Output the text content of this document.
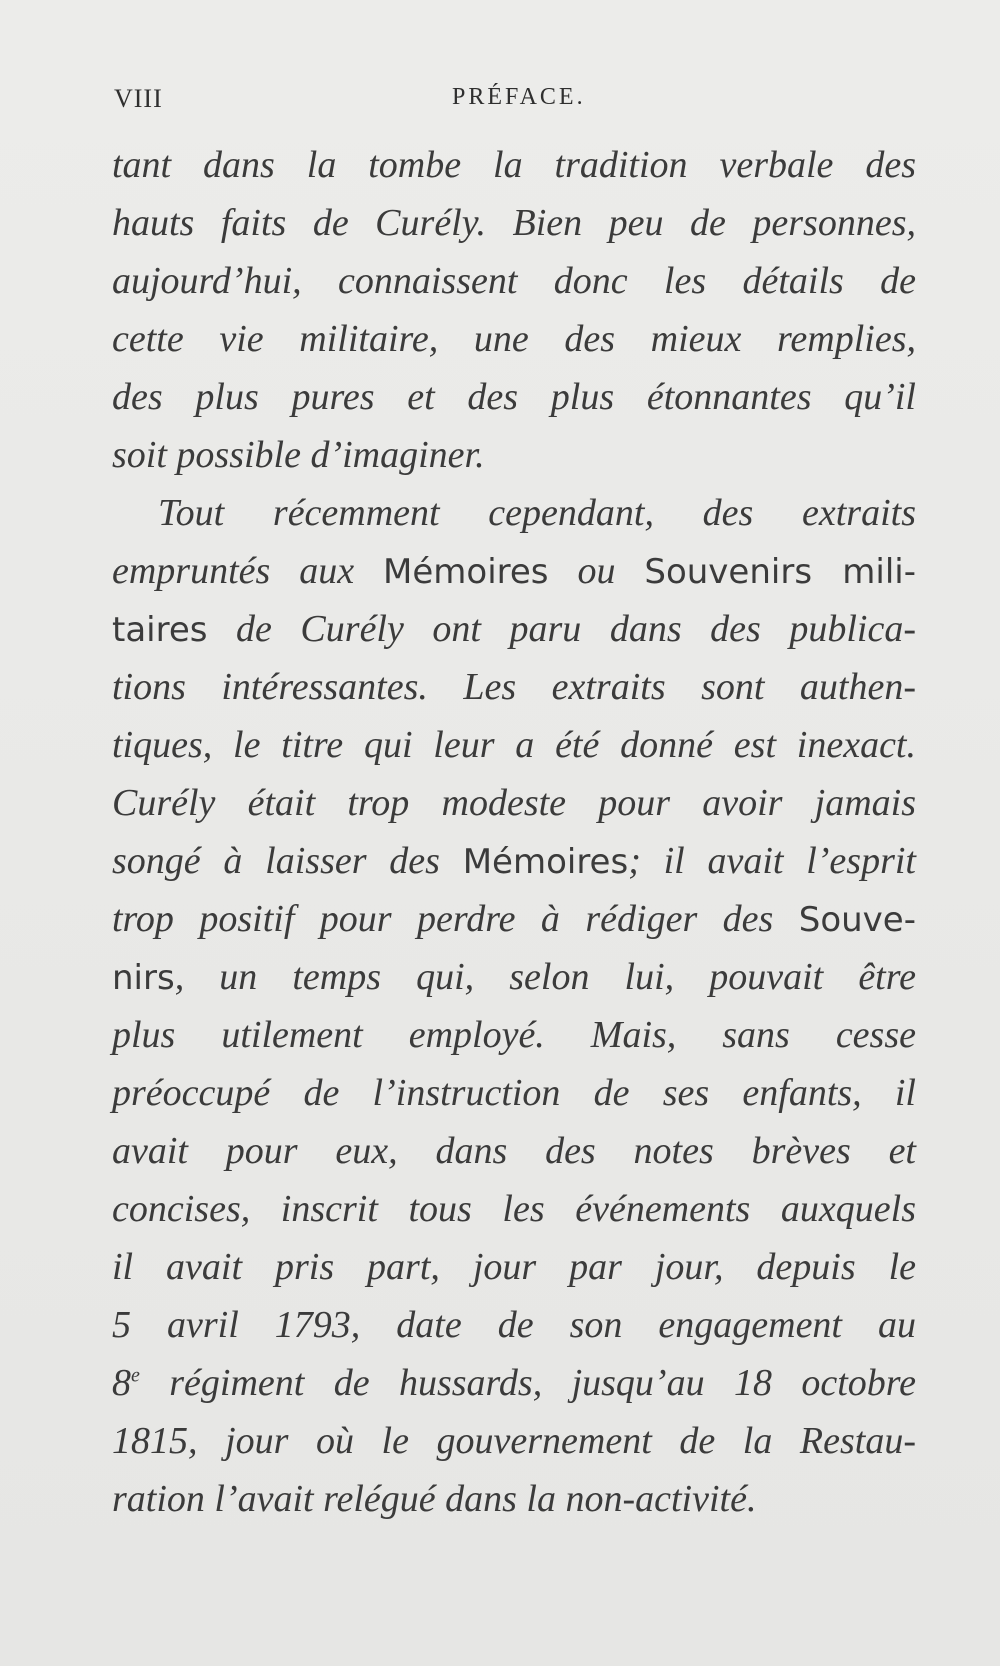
VIII	PRÉFACE.
tant dans la tombe la tradition verbale des
hauts faits de Curély. Bien peu de personnes,
aujourd’hui, connaissent donc les détails de
cette vie militaire, une des mieux remplies,
des plus pures et des plus étonnantes qu’il
soit possible d’imaginer.
Tout récemment cependant, des extraits
empruntés aux Mémoires ou Souvenirs mili-
taires de Curély ont paru dans des publica-
tions intéressantes. Les extraits sont authen-
tiques, le titre qui leur a été donné est inexact.
Curély était trop modeste pour avoir jamais
songé à laisser des Mémoires; il avait l’esprit
trop positif pour perdre à rédiger des Souve-
nirs, un temps qui, selon lui, pouvait être
plus utilement employé. Mais, sans cesse
préoccupé de l’instruction de ses enfants, il
avait pour eux, dans des notes brèves et
concises, inscrit tous les événements auxquels
il avait pris part, jour par jour, depuis le
5 avril 1793, date de son engagement au
8e régiment de hussards, jusqu’au 18 octobre
1815, jour où le gouvernement de la Restau-
ration l’avait relégué dans la non-activité.
